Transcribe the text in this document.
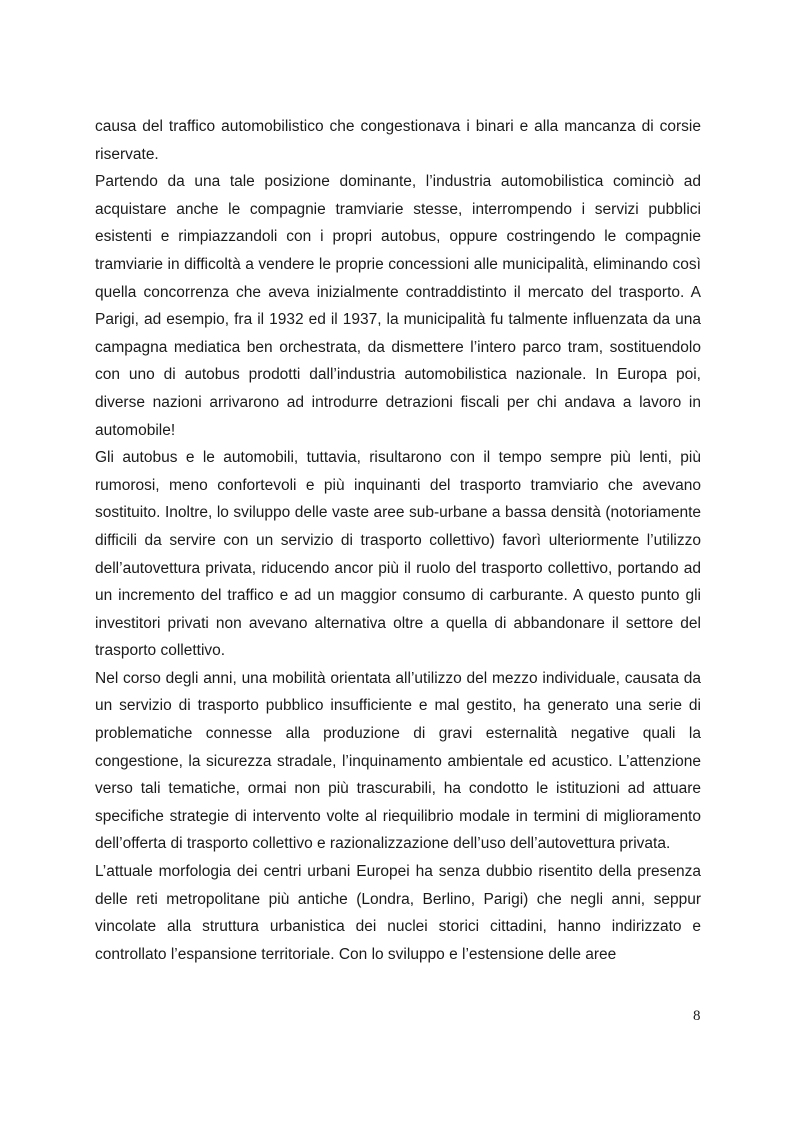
causa del traffico automobilistico che congestionava i binari e alla mancanza di corsie riservate.

Partendo da una tale posizione dominante, l’industria automobilistica cominciò ad acquistare anche le compagnie tramviarie stesse, interrompendo i servizi pubblici esistenti e rimpiazzandoli con i propri autobus, oppure costringendo le compagnie tramviarie in difficoltà a vendere le proprie concessioni alle municipalità, eliminando così quella concorrenza che aveva inizialmente contraddistinto il mercato del trasporto. A Parigi, ad esempio, fra il 1932 ed il 1937, la municipalità fu talmente influenzata da una campagna mediatica ben orchestrata, da dismettere l’intero parco tram, sostituendolo con uno di autobus prodotti dall’industria automobilistica nazionale. In Europa poi, diverse nazioni arrivarono ad introdurre detrazioni fiscali per chi andava a lavoro in automobile!

Gli autobus e le automobili, tuttavia, risultarono con il tempo sempre più lenti, più rumorosi, meno confortevoli e più inquinanti del trasporto tramviario che avevano sostituito. Inoltre, lo sviluppo delle vaste aree sub-urbane a bassa densità (notoriamente difficili da servire con un servizio di trasporto collettivo) favorì ulteriormente l’utilizzo dell’autovettura privata, riducendo ancor più il ruolo del trasporto collettivo, portando ad un incremento del traffico e ad un maggior consumo di carburante. A questo punto gli investitori privati non avevano alternativa oltre a quella di abbandonare il settore del trasporto collettivo.

Nel corso degli anni, una mobilità orientata all’utilizzo del mezzo individuale, causata da un servizio di trasporto pubblico insufficiente e mal gestito, ha generato una serie di problematiche connesse alla produzione di gravi esternalità negative quali la congestione, la sicurezza stradale, l’inquinamento ambientale ed acustico. L’attenzione verso tali tematiche, ormai non più trascurabili, ha condotto le istituzioni ad attuare specifiche strategie di intervento volte al riequilibrio modale in termini di miglioramento dell’offerta di trasporto collettivo e razionalizzazione dell’uso dell’autovettura privata.

L’attuale morfologia dei centri urbani Europei ha senza dubbio risentito della presenza delle reti metropolitane più antiche (Londra, Berlino, Parigi) che negli anni, seppur vincolate alla struttura urbanistica dei nuclei storici cittadini, hanno indirizzato e controllato l’espansione territoriale. Con lo sviluppo e l’estensione delle aree

8
